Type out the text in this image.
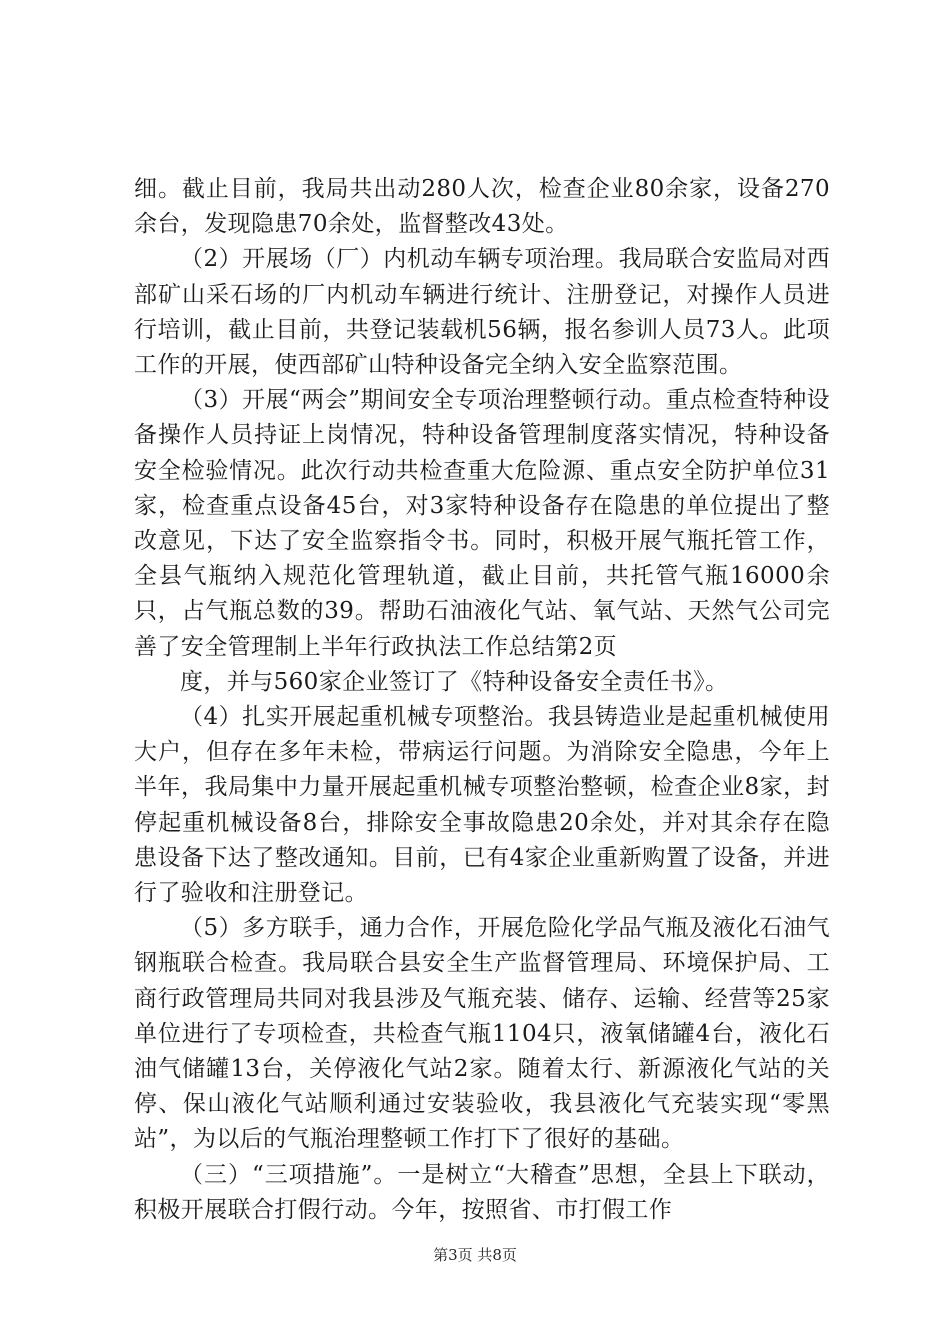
细。截止目前，我局共出动280人次，检查企业80余家，设备270余台，发现隐患70余处，监督整改43处。

（2）开展场（厂）内机动车辆专项治理。我局联合安监局对西部矿山采石场的厂内机动车辆进行统计、注册登记，对操作人员进行培训，截止目前，共登记装载机56辆，报名参训人员73人。此项工作的开展，使西部矿山特种设备完全纳入安全监察范围。

（3）开展“两会”期间安全专项治理整顿行动。重点检查特种设备操作人员持证上岗情况，特种设备管理制度落实情况，特种设备安全检验情况。此次行动共检查重大危险源、重点安全防护单位31家，检查重点设备45台，对3家特种设备存在隐患的单位提出了整改意见，下达了安全监察指令书。同时，积极开展气瓶托管工作，全县气瓶纳入规范化管理轨道，截止目前，共托管气瓶16000余只，占气瓶总数的39。帮助石油液化气站、氧气站、天然气公司完善了安全管理制上半年行政执法工作总结第2页

度，并与560家企业签订了《特种设备安全责任书》。

（4）扎实开展起重机械专项整治。我县铸造业是起重机械使用大户，但存在多年未检，带病运行问题。为消除安全隐患，今年上半年，我局集中力量开展起重机械专项整治整顿，检查企业8家，封停起重机械设备8台，排除安全事故隐患20余处，并对其余存在隐患设备下达了整改通知。目前，已有4家企业重新购置了设备，并进行了验收和注册登记。

（5）多方联手，通力合作，开展危险化学品气瓶及液化石油气钢瓶联合检查。我局联合县安全生产监督管理局、环境保护局、工商行政管理局共同对我县涉及气瓶充装、储存、运输、经营等25家单位进行了专项检查，共检查气瓶1104只，液氧储罐4台，液化石油气储罐13台，关停液化气站2家。随着太行、新源液化气站的关停、保山液化气站顺利通过安装验收，我县液化气充装实现“零黑站”，为以后的气瓶治理整顿工作打下了很好的基础。

（三）“三项措施”。一是树立“大稽查”思想，全县上下联动，积极开展联合打假行动。今年，按照省、市打假工作

第3页 共8页
